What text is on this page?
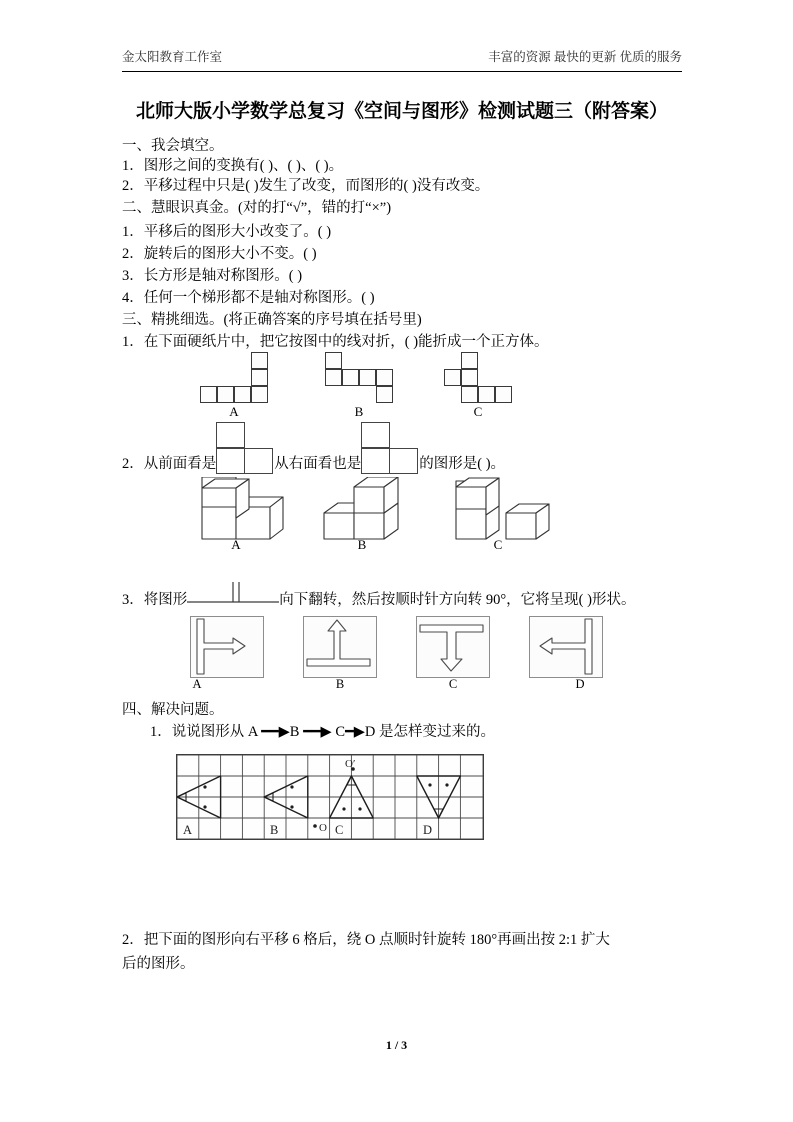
金太阳教育工作室	丰富的资源 最快的更新 优质的服务
北师大版小学数学总复习《空间与图形》检测试题三（附答案）
一、我会填空。
1．图形之间的变换有( )、( )、( )。
2．平移过程中只是( )发生了改变，而图形的( )没有改变。
二、慧眼识真金。(对的打“√”，错的打“×”)
1．平移后的图形大小改变了。( )
2．旋转后的图形大小不变。( )
3．长方形是轴对称图形。( )
4．任何一个梯形都不是轴对称图形。( )
三、精挑细选。(将正确答案的序号填在括号里)
1．在下面硬纸片中，把它按图中的线对折，( )能折成一个正方体。
A	B	C
2．从前面看是	从右面看也是	的图形是( )。
A	B	C
3．将图形	向下翻转，然后按顺时针方向转 90°，它将呈现( )形状。
A	B	C	D
四、解决问题。
1．说说图形从 A ━━▶B ━━▶ C━▶D 是怎样变过来的。
O
O′
A	B	C	D
2．把下面的图形向右平移 6 格后，绕 O 点顺时针旋转 180°再画出按 2:1 扩大
后的图形。
1 / 3
